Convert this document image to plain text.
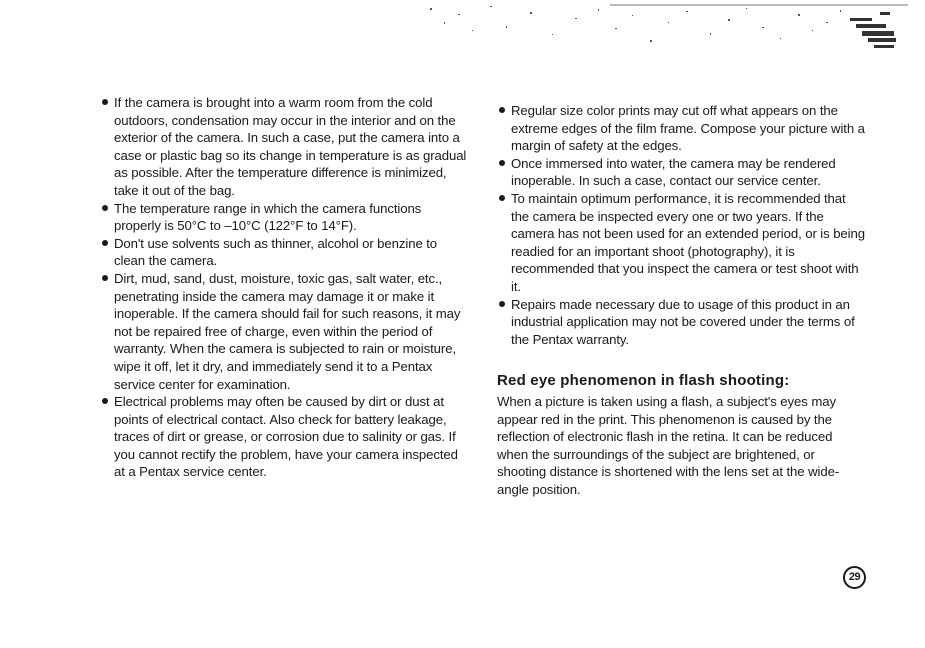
If the camera is brought into a warm room from the cold outdoors, condensation may occur in the interior and on the exterior of the camera. In such a case, put the camera into a case or plastic bag so its change in temperature is as gradual as possible. After the temperature difference is minimized, take it out of the bag.
The temperature range in which the camera functions properly is 50°C to –10°C (122°F to 14°F).
Don't use solvents such as thinner, alcohol or benzine to clean the camera.
Dirt, mud, sand, dust, moisture, toxic gas, salt water, etc., penetrating inside the camera may damage it or make it inoperable. If the camera should fail for such reasons, it may not be repaired free of charge, even within the period of warranty. When the camera is subjected to rain or moisture, wipe it off, let it dry, and immediately send it to a Pentax service center for examination.
Electrical problems may often be caused by dirt or dust at points of electrical contact. Also check for battery leakage, traces of dirt or grease, or corrosion due to salinity or gas. If you cannot rectify the problem, have your camera inspected at a Pentax service center.
Regular size color prints may cut off what appears on the extreme edges of the film frame. Compose your picture with a margin of safety at the edges.
Once immersed into water, the camera may be rendered inoperable. In such a case, contact our service center.
To maintain optimum performance, it is recommended that the camera be inspected every one or two years. If the camera has not been used for an extended period, or is being readied for an important shoot (photography), it is recommended that you inspect the camera or test shoot with it.
Repairs made necessary due to usage of this product in an industrial application may not be covered under the terms of the Pentax warranty.
Red eye phenomenon in flash shooting:

When a picture is taken using a flash, a subject's eyes may appear red in the print. This phenomenon is caused by the reflection of electronic flash in the retina. It can be reduced when the surroundings of the subject are brightened, or shooting distance is shortened with the lens set at the wide-angle position.

29
